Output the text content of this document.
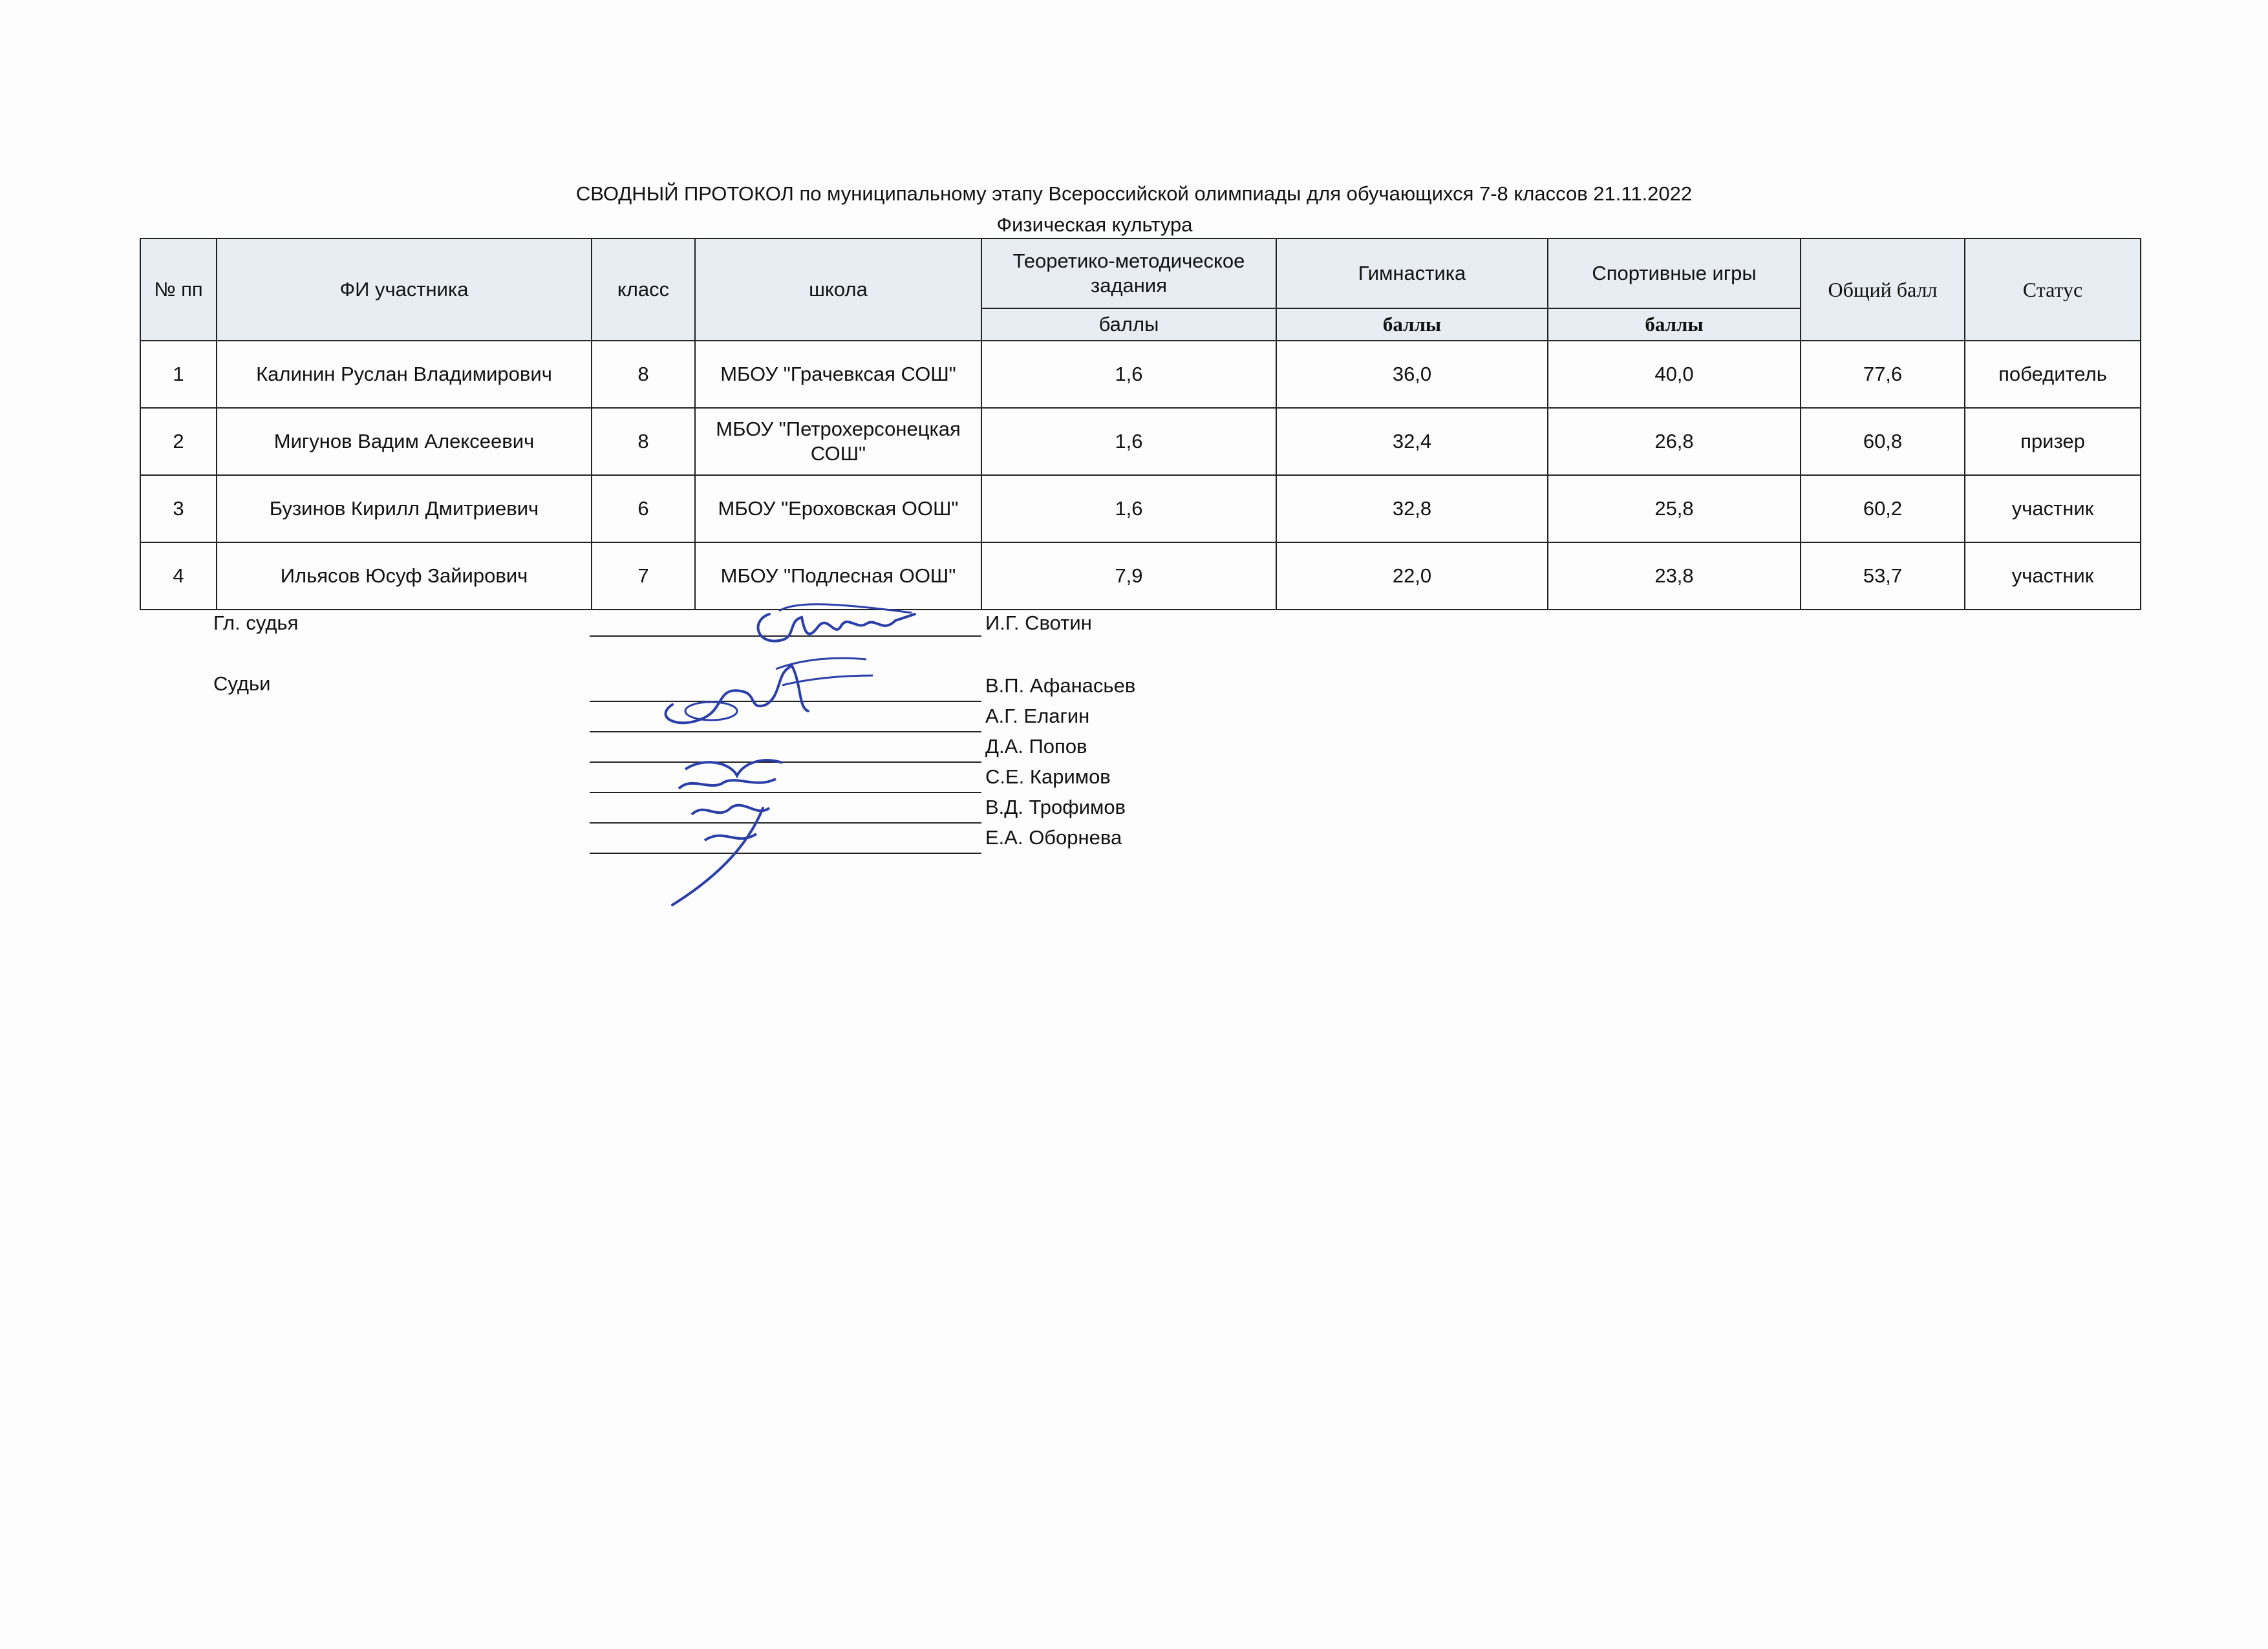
СВОДНЫЙ ПРОТОКОЛ по муниципальному этапу Всероссийской олимпиады для обучающихся 7-8 классов 21.11.2022
Физическая культура
№ пп	ФИ участника	класс	школа	Теоретико-методическое задания	Гимнастика	Спортивные игры	Общий балл	Статус
				баллы	баллы	баллы		
1	Калинин Руслан Владимирович	8	МБОУ "Грачевксая СОШ"	1,6	36,0	40,0	77,6	победитель
2	Мигунов Вадим Алексеевич	8	МБОУ "Петрохерсонецкая СОШ"	1,6	32,4	26,8	60,8	призер
3	Бузинов Кирилл Дмитриевич	6	МБОУ "Ероховская ООШ"	1,6	32,8	25,8	60,2	участник
4	Ильясов Юсуф Зайирович	7	МБОУ "Подлесная ООШ"	7,9	22,0	23,8	53,7	участник
Гл. судья	И.Г. Свотин
Судьи	В.П. Афанасьев
А.Г. Елагин
Д.А. Попов
С.Е. Каримов
В.Д. Трофимов
Е.А. Оборнева
